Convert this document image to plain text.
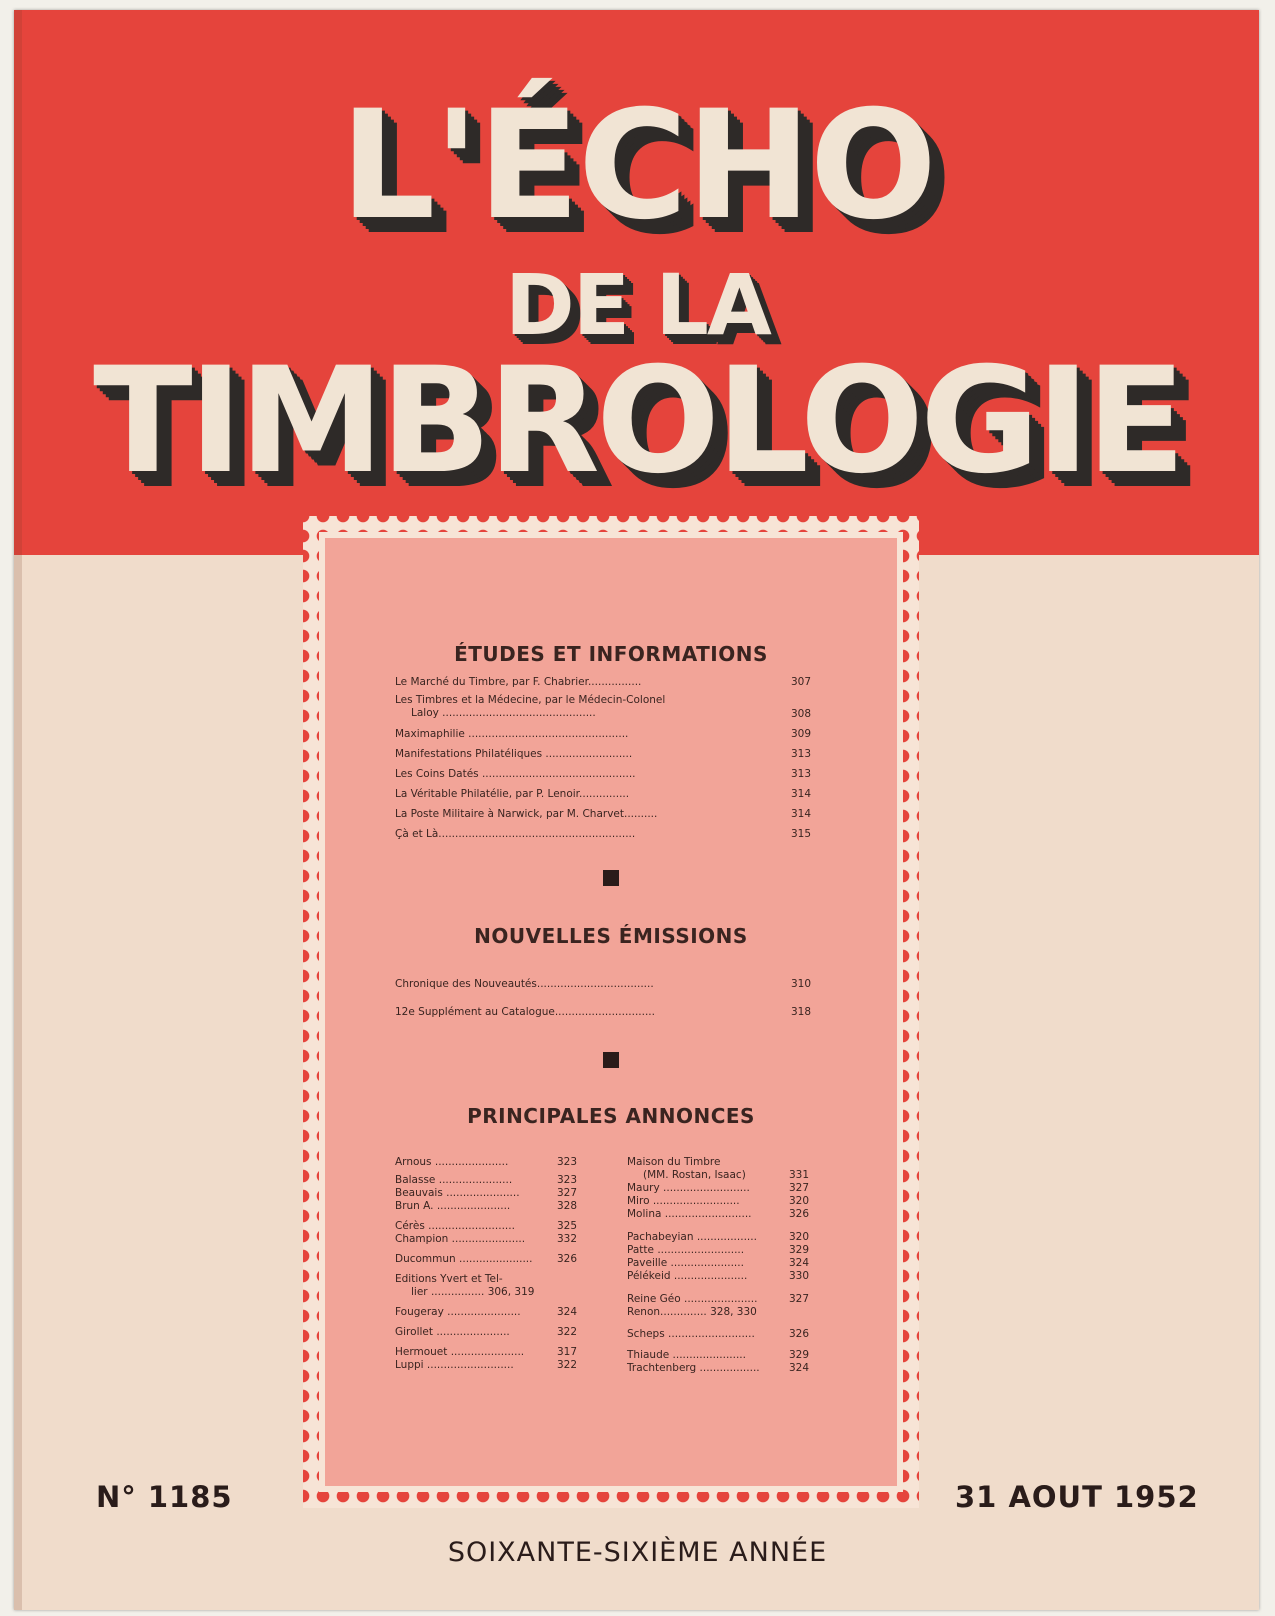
L'ÉCHO
DE LA
TIMBROLOGIE
ÉTUDES ET INFORMATIONS
Le Marché du Timbre, par F. Chabrier................	307
Les Timbres et la Médecine, par le Médecin-Colonel
Laloy ..............................................	308
Maximaphilie ................................................	309
Manifestations Philatéliques ..........................	313
Les Coins Datés ..............................................	313
La Véritable Philatélie, par P. Lenoir...............	314
La Poste Militaire à Narwick, par M. Charvet..........	314
Çà et Là...........................................................	315
NOUVELLES ÉMISSIONS
Chronique des Nouveautés...................................	310
12e Supplément au Catalogue..............................	318
PRINCIPALES ANNONCES
Arnous ......................	323
Balasse ......................	323
Beauvais ......................	327
Brun A. ......................	328
Cérès ..........................	325
Champion ......................	332
Ducommun ...................... 326
Editions Yvert et Tel-
lier ................ 306, 319
Fougeray ......................	324
Girollet ......................	322
Hermouet ......................	317
Luppi ..........................	322
Maison du Timbre
(MM. Rostan, Isaac)	331
Maury ..........................	327
Miro ..........................	320
Molina ..........................	326
Pachabeyian ..................	320
Patte ..........................	329
Paveille ......................	324
Pélékeid ......................	330
Reine Géo ......................	327
Renon.............. 328, 330
Scheps ..........................	326
Thiaude ......................	329
Trachtenberg ..................	324
N° 1185	31 AOUT 1952
SOIXANTE-SIXIÈME ANNÉE
